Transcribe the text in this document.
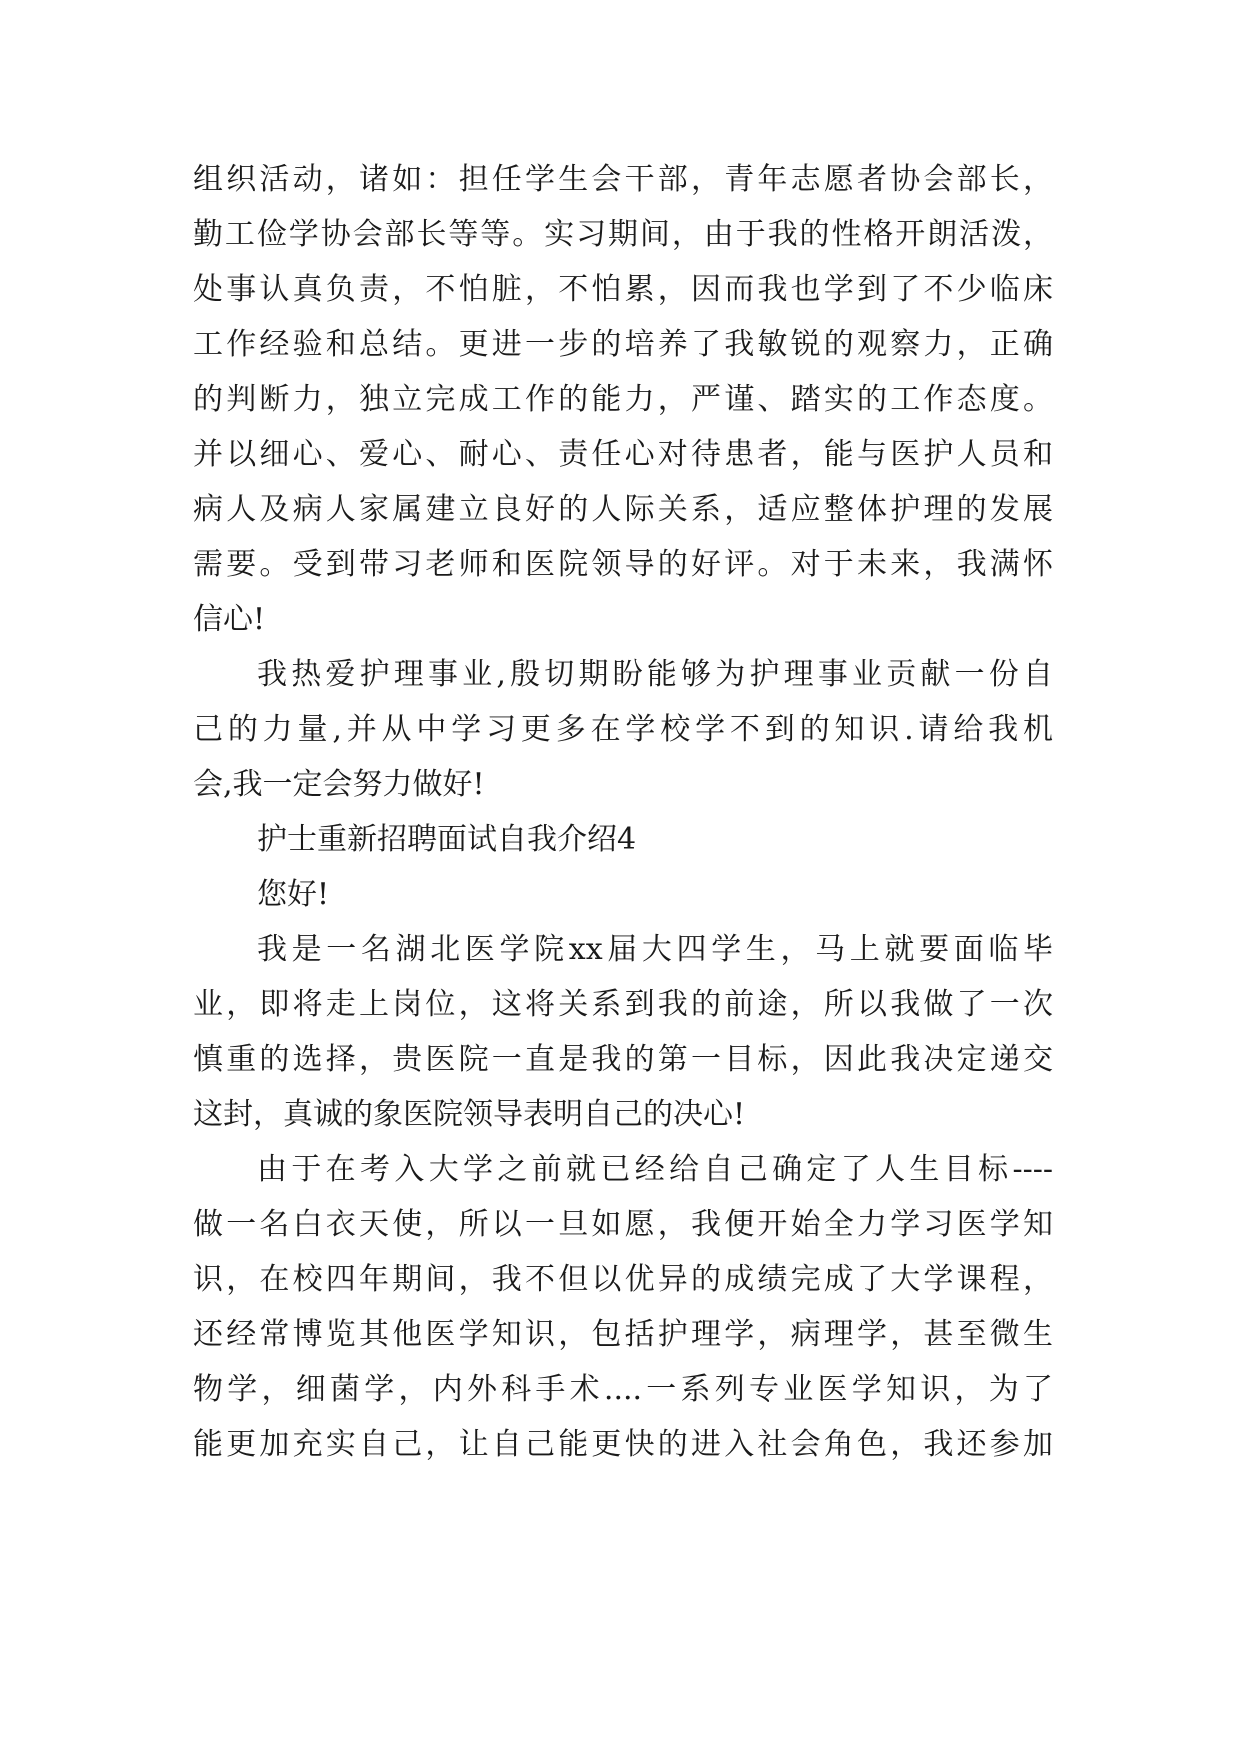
组织活动，诸如：担任学生会干部，青年志愿者协会部长，
勤工俭学协会部长等等。实习期间，由于我的性格开朗活泼，
处事认真负责，不怕脏，不怕累，因而我也学到了不少临床
工作经验和总结。更进一步的培养了我敏锐的观察力，正确
的判断力，独立完成工作的能力，严谨、踏实的工作态度。
并以细心、爱心、耐心、责任心对待患者，能与医护人员和
病人及病人家属建立良好的人际关系，适应整体护理的发展
需要。受到带习老师和医院领导的好评。对于未来，我满怀
信心!
我热爱护理事业,殷切期盼能够为护理事业贡献一份自
己的力量,并从中学习更多在学校学不到的知识.请给我机
会,我一定会努力做好!
护士重新招聘面试自我介绍4
您好!
我是一名湖北医学院xx届大四学生，马上就要面临毕
业，即将走上岗位，这将关系到我的前途，所以我做了一次
慎重的选择，贵医院一直是我的第一目标，因此我决定递交
这封，真诚的象医院领导表明自己的决心!
由于在考入大学之前就已经给自己确定了人生目标----
做一名白衣天使，所以一旦如愿，我便开始全力学习医学知
识，在校四年期间，我不但以优异的成绩完成了大学课程，
还经常博览其他医学知识，包括护理学，病理学，甚至微生
物学，细菌学，内外科手术....一系列专业医学知识，为了
能更加充实自己，让自己能更快的进入社会角色，我还参加
